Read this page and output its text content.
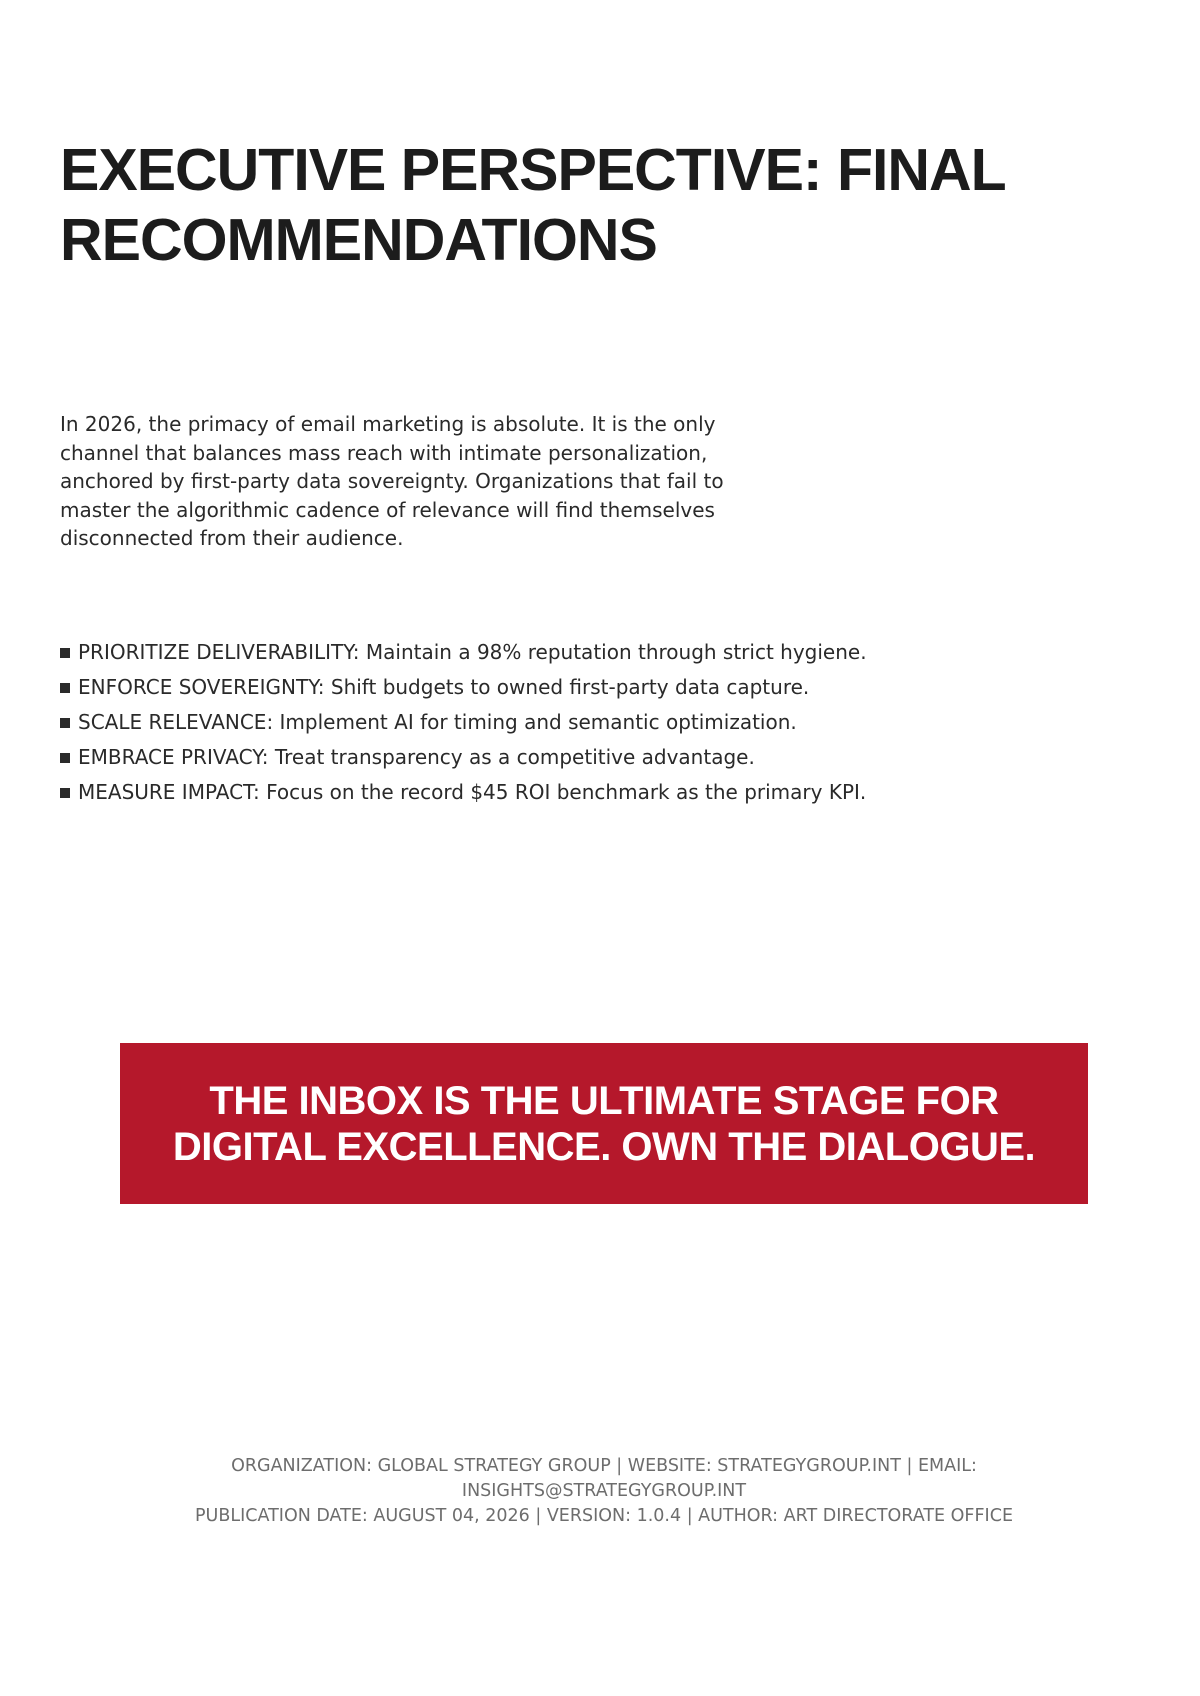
EXECUTIVE PERSPECTIVE: FINAL RECOMMENDATIONS

In 2026, the primacy of email marketing is absolute. It is the only channel that balances mass reach with intimate personalization, anchored by first-party data sovereignty. Organizations that fail to master the algorithmic cadence of relevance will find themselves disconnected from their audience.

PRIORITIZE DELIVERABILITY: Maintain a 98% reputation through strict hygiene.
ENFORCE SOVEREIGNTY: Shift budgets to owned first-party data capture.
SCALE RELEVANCE: Implement AI for timing and semantic optimization.
EMBRACE PRIVACY: Treat transparency as a competitive advantage.
MEASURE IMPACT: Focus on the record $45 ROI benchmark as the primary KPI.

THE INBOX IS THE ULTIMATE STAGE FOR DIGITAL EXCELLENCE. OWN THE DIALOGUE.

ORGANIZATION: GLOBAL STRATEGY GROUP | WEBSITE: STRATEGYGROUP.INT | EMAIL: INSIGHTS@STRATEGYGROUP.INT
PUBLICATION DATE: AUGUST 04, 2026 | VERSION: 1.0.4 | AUTHOR: ART DIRECTORATE OFFICE
